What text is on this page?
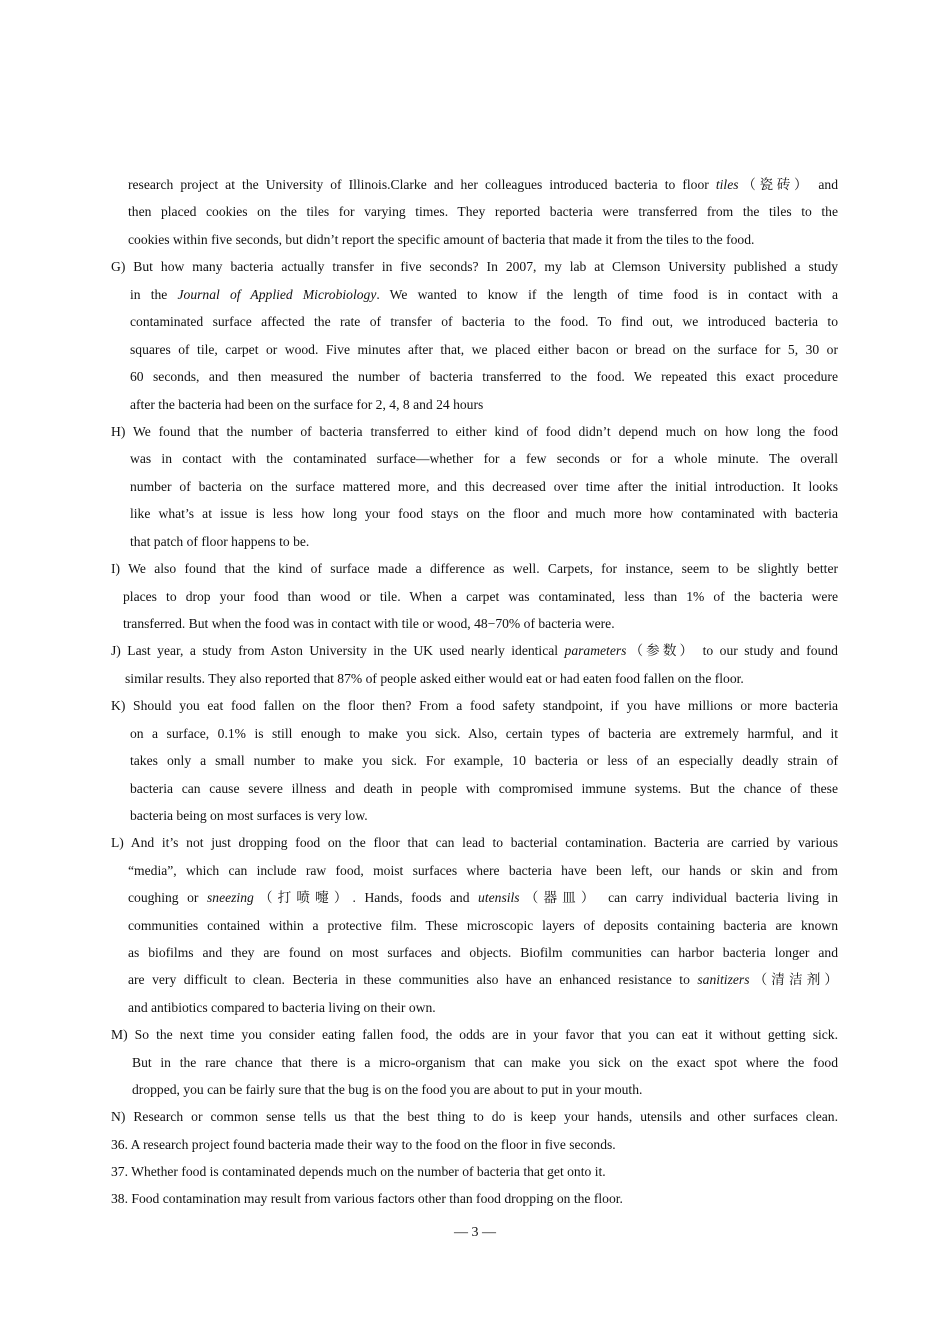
research project at the University of Illinois.Clarke and her colleagues introduced bacteria to floor tiles（瓷砖） and
then placed cookies on the tiles for varying times. They reported bacteria were transferred from the tiles to the
cookies within five seconds, but didn’t report the specific amount of bacteria that made it from the tiles to the food.
G) But how many bacteria actually transfer in five seconds? In 2007, my lab at Clemson University published a study
in the Journal of Applied Microbiology. We wanted to know if the length of time food is in contact with a
contaminated surface affected the rate of transfer of bacteria to the food. To find out, we introduced bacteria to
squares of tile, carpet or wood. Five minutes after that, we placed either bacon or bread on the surface for 5, 30 or
60 seconds, and then measured the number of bacteria transferred to the food. We repeated this exact procedure
after the bacteria had been on the surface for 2, 4, 8 and 24 hours
H) We found that the number of bacteria transferred to either kind of food didn’t depend much on how long the food
was in contact with the contaminated surface—whether for a few seconds or for a whole minute. The overall
number of bacteria on the surface mattered more, and this decreased over time after the initial introduction. It looks
like what’s at issue is less how long your food stays on the floor and much more how contaminated with bacteria
that patch of floor happens to be.
I) We also found that the kind of surface made a difference as well. Carpets, for instance, seem to be slightly better
places to drop your food than wood or tile. When a carpet was contaminated, less than 1% of the bacteria were
transferred. But when the food was in contact with tile or wood, 48−70% of bacteria were.
J) Last year, a study from Aston University in the UK used nearly identical parameters（参数） to our study and found
similar results. They also reported that 87% of people asked either would eat or had eaten food fallen on the floor.
K) Should you eat food fallen on the floor then? From a food safety standpoint, if you have millions or more bacteria
on a surface, 0.1% is still enough to make you sick. Also, certain types of bacteria are extremely harmful, and it
takes only a small number to make you sick. For example, 10 bacteria or less of an especially deadly strain of
bacteria can cause severe illness and death in people with compromised immune systems. But the chance of these
bacteria being on most surfaces is very low.
L) And it’s not just dropping food on the floor that can lead to bacterial contamination. Bacteria are carried by various
“media”, which can include raw food, moist surfaces where bacteria have been left, our hands or skin and from
coughing or sneezing（打喷嚏）. Hands, foods and utensils（器皿） can carry individual bacteria living in
communities contained within a protective film. These microscopic layers of deposits containing bacteria are known
as biofilms and they are found on most surfaces and objects. Biofilm communities can harbor bacteria longer and
are very difficult to clean. Becteria in these communities also have an enhanced resistance to sanitizers（清洁剂）
and antibiotics compared to bacteria living on their own.
M) So the next time you consider eating fallen food, the odds are in your favor that you can eat it without getting sick.
But in the rare chance that there is a micro-organism that can make you sick on the exact spot where the food
dropped, you can be fairly sure that the bug is on the food you are about to put in your mouth.
N) Research or common sense tells us that the best thing to do is keep your hands, utensils and other surfaces clean.
36. A research project found bacteria made their way to the food on the floor in five seconds.
37. Whether food is contaminated depends much on the number of bacteria that get onto it.
38. Food contamination may result from various factors other than food dropping on the floor.
— 3 —
